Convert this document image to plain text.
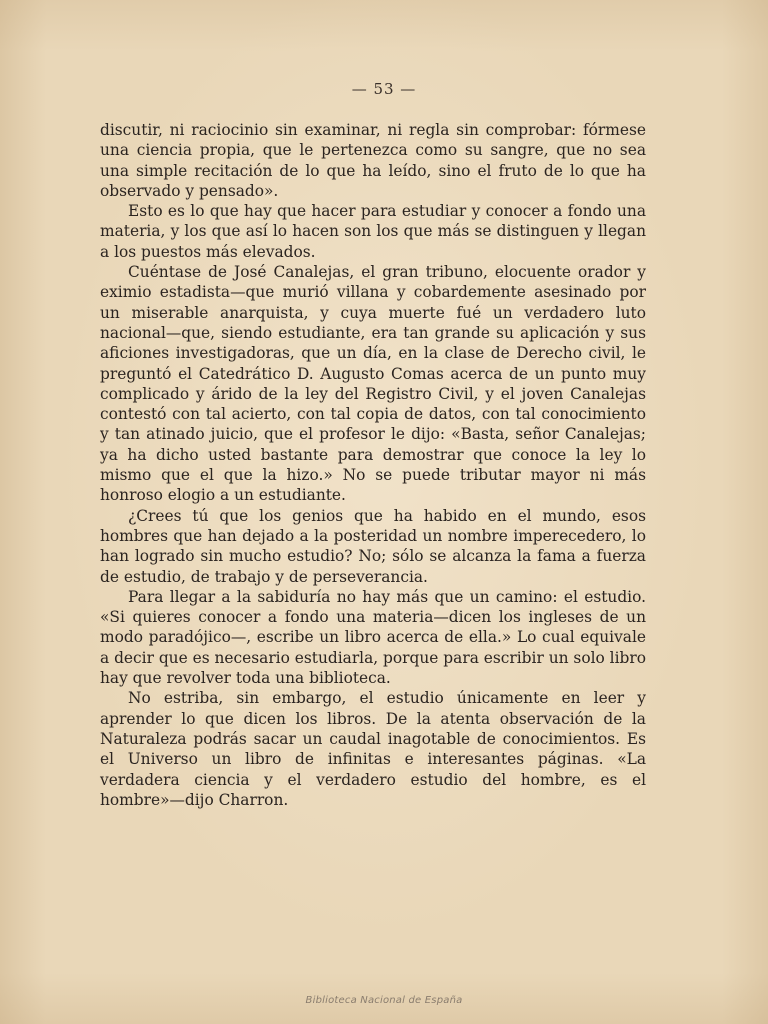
— 53 —

discutir, ni raciocinio sin examinar, ni regla sin comprobar: fórmese una ciencia propia, que le pertenezca como su sangre, que no sea una simple recitación de lo que ha leído, sino el fruto de lo que ha observado y pensado».

Esto es lo que hay que hacer para estudiar y conocer a fondo una materia, y los que así lo hacen son los que más se distinguen y llegan a los puestos más elevados.

Cuéntase de José Canalejas, el gran tribuno, elocuente orador y eximio estadista—que murió villana y cobardemente asesinado por un miserable anarquista, y cuya muerte fué un verdadero luto nacional—que, siendo estudiante, era tan grande su aplicación y sus aficiones investigadoras, que un día, en la clase de Derecho civil, le preguntó el Catedrático D. Augusto Comas acerca de un punto muy complicado y árido de la ley del Registro Civil, y el joven Canalejas contestó con tal acierto, con tal copia de datos, con tal conocimiento y tan atinado juicio, que el profesor le dijo: «Basta, señor Canalejas; ya ha dicho usted bastante para demostrar que conoce la ley lo mismo que el que la hizo.» No se puede tributar mayor ni más honroso elogio a un estudiante.

¿Crees tú que los genios que ha habido en el mundo, esos hombres que han dejado a la posteridad un nombre imperecedero, lo han logrado sin mucho estudio? No; sólo se alcanza la fama a fuerza de estudio, de trabajo y de perseverancia.

Para llegar a la sabiduría no hay más que un camino: el estudio. «Si quieres conocer a fondo una materia—dicen los ingleses de un modo paradójico—, escribe un libro acerca de ella.» Lo cual equivale a decir que es necesario estudiarla, porque para escribir un solo libro hay que revolver toda una biblioteca.

No estriba, sin embargo, el estudio únicamente en leer y aprender lo que dicen los libros. De la atenta observación de la Naturaleza podrás sacar un caudal inagotable de conocimientos. Es el Universo un libro de infinitas e interesantes páginas. «La verdadera ciencia y el verdadero estudio del hombre, es el hombre»—dijo Charron.

Biblioteca Nacional de España
